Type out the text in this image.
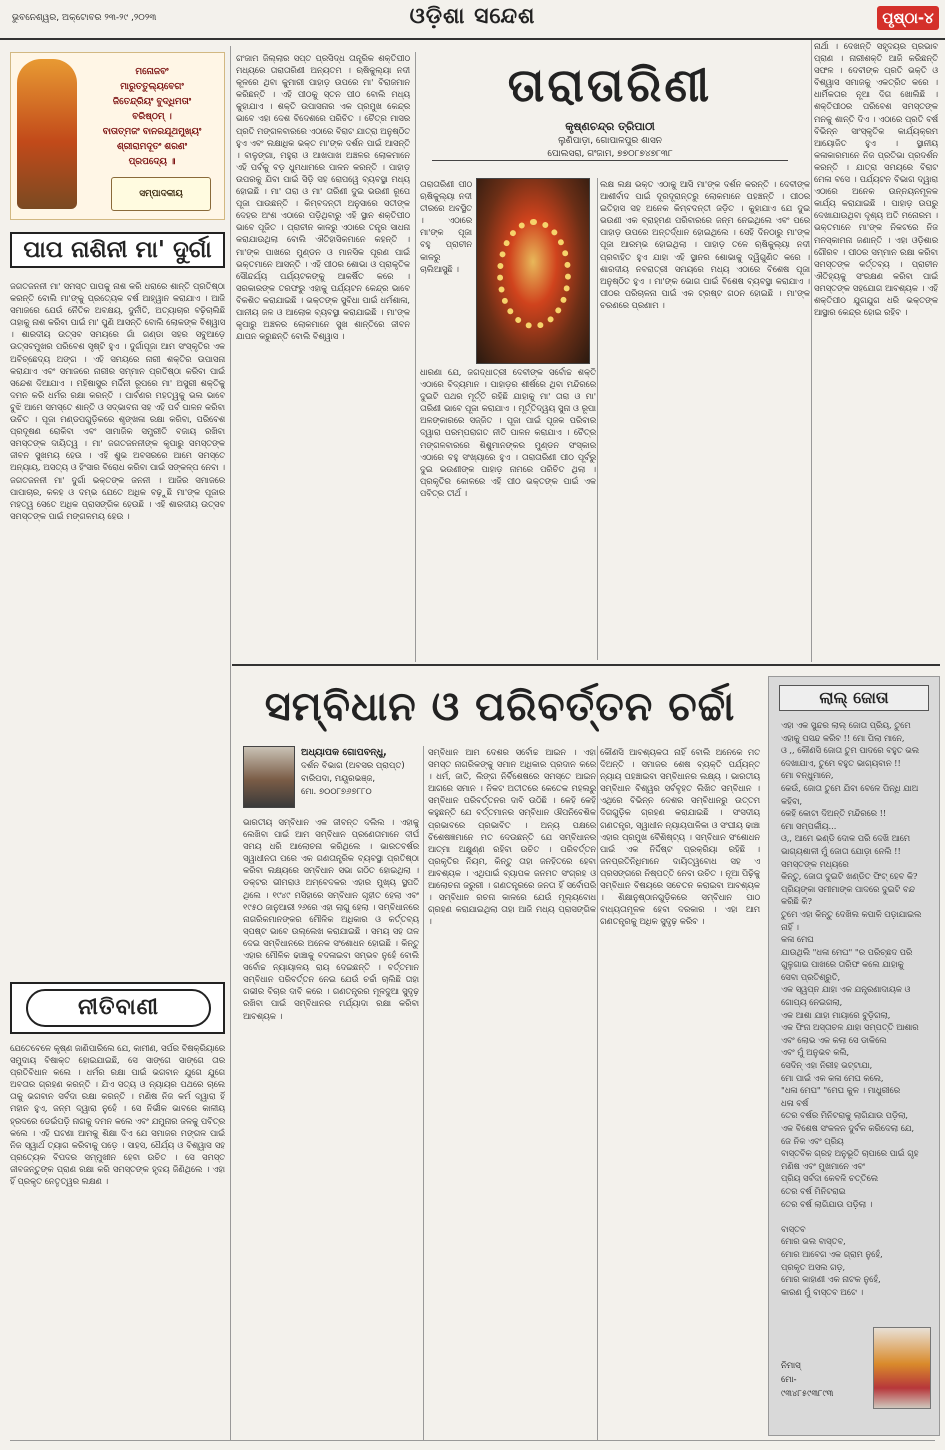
ଭୁବନେଶ୍ୱର, ଅକ୍ଟୋବର ୨୩-୨୯ ,୨୦୨୩	ଓଡ଼ିଶା ସନ୍ଦେଶ	ପୃଷ୍ଠା-୪
ମନୋଜବଂ
ମାରୁତତୁଲ୍ୟବେଗଂ
ଜିତେନ୍ଦ୍ରିୟଂ ବୁଦ୍ଧିମତାଂ
ବରିଷ୍ଠମ୍ ।
ବାତାତ୍ମଜଂ ବାନରଯୂଥମୁଖ୍ୟଂ
ଶ୍ରୀରାମଦୂତଂ ଶରଣଂ
ପ୍ରପଦ୍ୟେ ॥
ସମ୍ପାଦକୀୟ
ପାପ ନାଶିନୀ ମା' ଦୁର୍ଗା
ଜଗତଜନନୀ ମା' ସମସ୍ତ ପାପକୁ ନାଶ କରି ଧରାରେ ଶାନ୍ତି ପ୍ରତିଷ୍ଠା କରନ୍ତି ବୋଲି ମା'ଙ୍କୁ ପ୍ରତ୍ୟେକ ବର୍ଷ ଆହ୍ୱାନ କରାଯାଏ । ଆଜି ସମାଜରେ ଯେଉଁ ନୈତିକ ଅବକ୍ଷୟ, ଦୁର୍ନୀତି, ଅତ୍ୟାଚାର ବଢ଼ିଚାଲିଛି ତାହାକୁ ନାଶ କରିବା ପାଇଁ ମା' ପୁଣି ଆସନ୍ତି ବୋଲି ଲୋକଙ୍କ ବିଶ୍ୱାସ । ଶାରଦୀୟ ଉତ୍ସବ ସମୟରେ ଗାଁ ଗଣ୍ଡା ସହର ସବୁଆଡ଼େ ଉତ୍ସବମୁଖର ପରିବେଶ ସୃଷ୍ଟି ହୁଏ । ଦୁର୍ଗାପୂଜା ଆମ ସଂସ୍କୃତିର ଏକ ଅବିଚ୍ଛେଦ୍ୟ ଅଙ୍ଗ । ଏହି ସମୟରେ ନାରୀ ଶକ୍ତିର ଉପାସନା କରାଯାଏ ଏବଂ ସମାଜରେ ନାରୀର ସମ୍ମାନ ପ୍ରତିଷ୍ଠା କରିବା ପାଇଁ ସନ୍ଦେଶ ଦିଆଯାଏ । ମହିଷାସୁର ମର୍ଦ୍ଦିନୀ ରୂପରେ ମା' ଅସୁରୀ ଶକ୍ତିକୁ ଦମନ କରି ଧର୍ମର ରକ୍ଷା କରନ୍ତି । ପାର୍ବଣର ମହତ୍ୱକୁ ଭଲ ଭାବେ ବୁଝି ଆମେ ସମସ୍ତେ ଶାନ୍ତି ଓ ସଦ୍ଭାବନା ସହ ଏହି ପର୍ବ ପାଳନ କରିବା ଉଚିତ । ପୂଜା ମଣ୍ଡପଗୁଡ଼ିକରେ ଶୃଙ୍ଖଳା ରକ୍ଷା କରିବା, ପରିବେଶ ପ୍ରଦୂଷଣ ରୋକିବା ଏବଂ ସାମାଜିକ ସମ୍ପ୍ରୀତି ବଜାୟ ରଖିବା ସମସ୍ତଙ୍କ ଦାୟିତ୍ୱ । ମା' ଜଗତଜନନୀଙ୍କ କୃପାରୁ ସମସ୍ତଙ୍କ ଜୀବନ ସୁଖମୟ ହେଉ । ଏହି ଶୁଭ ଅବସରରେ ଆମେ ସମସ୍ତେ ଅନ୍ୟାୟ, ଅସତ୍ୟ ଓ ହିଂସାର ବିରୋଧ କରିବା ପାଇଁ ସଙ୍କଳ୍ପ ନେବା । ଜଗତଜନନୀ ମା' ଦୁର୍ଗା ଭକ୍ତଙ୍କ ଜନନୀ । ଆଜିର ସମାଜରେ ପାପାଚାର, କଳହ ଓ ଦମ୍ଭ ଯେତେ ଅଧିକ ବଢ଼ୁଛି ମା'ଙ୍କ ପୂଜାର ମହତ୍ୱ ସେତେ ଅଧିକ ପ୍ରାସଙ୍ଗିକ ହେଉଛି । ଏହି ଶାରଦୀୟ ଉତ୍ସବ ସମସ୍ତଙ୍କ ପାଇଁ ମଙ୍ଗଳମୟ ହେଉ ।
ନୀତିବାଣୀ
ଯେତେବେଳେ କୃଷ୍ଣ ଜାଣିପାରିଲେ ଯେ, କାମୀଣ, ସର୍ପର ବିଷକ୍ରିୟାରେ ସମୁଦାୟ ବିଷାକ୍ତ ହୋଇଯାଇଛି, ସେ ସାଙ୍ଗେ ସାଙ୍ଗେ ତାର ପ୍ରତିବିଧାନ କଲେ । ଧର୍ମର ରକ୍ଷା ପାଇଁ ଭଗବାନ ଯୁଗେ ଯୁଗେ ଅବତାର ଗ୍ରହଣ କରନ୍ତି । ଯିଏ ସତ୍ୟ ଓ ନ୍ୟାୟର ପଥରେ ଚାଲେ ତାକୁ ଭଗବାନ ସର୍ବଦା ରକ୍ଷା କରନ୍ତି । ମଣିଷ ନିଜ କର୍ମ ଦ୍ୱାରା ହିଁ ମହାନ ହୁଏ, ଜନ୍ମ ଦ୍ୱାରା ନୁହେଁ । ସେ ନିର୍ଭୀକ ଭାବରେ କାଳୀୟ ହ୍ରଦରେ ଡେଇଁପଡ଼ି ନାଗକୁ ଦମନ କଲେ ଏବଂ ଯମୁନାର ଜଳକୁ ପବିତ୍ର କଲେ । ଏହି ଘଟଣା ଆମକୁ ଶିକ୍ଷା ଦିଏ ଯେ ସମାଜର ମଙ୍ଗଳ ପାଇଁ ନିଜ ସ୍ୱାର୍ଥ ତ୍ୟାଗ କରିବାକୁ ପଡ଼େ । ସାହସ, ଧୈର୍ଯ୍ୟ ଓ ବିଶ୍ୱାସ ସହ ପ୍ରତ୍ୟେକ ବିପଦର ସମ୍ମୁଖୀନ ହେବା ଉଚିତ । ସେ ସମସ୍ତ ଜୀବଜନ୍ତୁଙ୍କ ପ୍ରାଣ ରକ୍ଷା କରି ସମସ୍ତଙ୍କ ହୃଦୟ ଜିଣିଥିଲେ । ଏହା ହିଁ ପ୍ରକୃତ ନେତୃତ୍ୱର ଲକ୍ଷଣ ।
ଗଂଜାମ ଜିଲ୍ଲାର ସପ୍ତ ପ୍ରସିଦ୍ଧ ତାନ୍ତ୍ରିକ ଶକ୍ତିପୀଠ ମଧ୍ୟରେ ତାରାତାରିଣୀ ଅନ୍ୟତମ । ଋଷିକୁଲ୍ୟା ନଦୀ କୂଳରେ ଥିବା କୁମାରୀ ପାହାଡ଼ ଉପରେ ମା' ବିରାଜମାନ କରିଛନ୍ତି । ଏହି ପୀଠକୁ ସ୍ତନ ପୀଠ ବୋଲି ମଧ୍ୟ କୁହାଯାଏ । ଶକ୍ତି ଉପାସନାର ଏକ ପ୍ରମୁଖ କେନ୍ଦ୍ର ଭାବେ ଏହା ଦେଶ ବିଦେଶରେ ପରିଚିତ । ଚୈତ୍ର ମାସର ପ୍ରତି ମଙ୍ଗଳବାରରେ ଏଠାରେ ବିରାଟ ଯାତ୍ରା ଅନୁଷ୍ଠିତ ହୁଏ ଏବଂ ଲକ୍ଷାଧିକ ଭକ୍ତ ମା'ଙ୍କ ଦର୍ଶନ ପାଇଁ ଆସନ୍ତି । ବାଳୁଙ୍ଗା, ମହୁରା ଓ ଆଖପାଖ ଅଞ୍ଚଳର ଲୋକମାନେ ଏହି ପର୍ବକୁ ବଡ଼ ଧୁମଧାମରେ ପାଳନ କରନ୍ତି । ପାହାଡ଼ ଉପରକୁ ଯିବା ପାଇଁ ସିଡ଼ି ସହ ରୋପୱେ ବ୍ୟବସ୍ଥା ମଧ୍ୟ ହୋଇଛି । ମା' ତାରା ଓ ମା' ତାରିଣୀ ଦୁଇ ଭଉଣୀ ରୂପେ ପୂଜା ପାଉଛନ୍ତି । କିମ୍ବଦନ୍ତୀ ଅନୁସାରେ ସତୀଙ୍କ ଦେହର ଅଂଶ ଏଠାରେ ପଡ଼ିଥିବାରୁ ଏହି ସ୍ଥାନ ଶକ୍ତିପୀଠ ଭାବେ ପୂଜିତ । ପ୍ରାଚୀନ କାଳରୁ ଏଠାରେ ତନ୍ତ୍ର ସାଧନା କରାଯାଉଥିଲା ବୋଲି ଐତିହାସିକମାନେ କହନ୍ତି । ମା'ଙ୍କ ପାଖରେ ମୁଣ୍ଡନ ଓ ମାନସିକ ପୂରଣ ପାଇଁ ଭକ୍ତମାନେ ଆସନ୍ତି । ଏହି ପୀଠର ଶୋଭା ଓ ପ୍ରାକୃତିକ ସୌନ୍ଦର୍ଯ୍ୟ ପର୍ଯ୍ୟଟକଙ୍କୁ ଆକର୍ଷିତ କରେ । ସରକାରଙ୍କ ତରଫରୁ ଏହାକୁ ପର୍ଯ୍ୟଟନ କେନ୍ଦ୍ର ଭାବେ ବିକଶିତ କରାଯାଇଛି । ଭକ୍ତଙ୍କ ସୁବିଧା ପାଇଁ ଧର୍ମଶାଳା, ପାନୀୟ ଜଳ ଓ ଆଲୋକ ବ୍ୟବସ୍ଥା କରାଯାଇଛି । ମା'ଙ୍କ କୃପାରୁ ଅଞ୍ଚଳର ଲୋକମାନେ ସୁଖ ଶାନ୍ତିରେ ଜୀବନ ଯାପନ କରୁଛନ୍ତି ବୋଲି ବିଶ୍ୱାସ ।
ତାରାତାରିଣୀ
କୃଷ୍ଣଚନ୍ଦ୍ର ତ୍ରିପାଠୀ
ଲୁଣିପାଡ଼ା, ଗୋପାଳପୁର ଶାସନ
ପୋଲସରା, ଗଂଜାମ, ୭୭୦୮୭୪୭୮୩୮
ତାରାତାରିଣୀ ପୀଠ ଋଷିକୁଲ୍ୟା ନଦୀ ତୀରରେ ଅବସ୍ଥିତ । ଏଠାରେ ମା'ଙ୍କ ପୂଜା ବହୁ ପ୍ରାଚୀନ କାଳରୁ ଚାଲିଆସୁଛି ।
ଧାରଣା ଯେ, ଜଗଦ୍ଧାତ୍ରୀ ଦେବୀଙ୍କ ସର୍ବୋଚ୍ଚ ଶକ୍ତି ଏଠାରେ ବିଦ୍ୟମାନ । ପାହାଡ଼ର ଶୀର୍ଷରେ ଥିବା ମନ୍ଦିରରେ ଦୁଇଟି ପଥର ମୂର୍ତ୍ତି ରହିଛି ଯାହାକୁ ମା' ତାରା ଓ ମା' ତାରିଣୀ ଭାବେ ପୂଜା କରାଯାଏ । ମୂର୍ତ୍ତିଦ୍ୱୟ ସୁନା ଓ ରୂପା ଅଳଙ୍କାରରେ ସଜ୍ଜିତ । ପୂଜା ପାଇଁ ପୂଜକ ପରିବାର ଦ୍ୱାରା ପରମ୍ପରାଗତ ନୀତି ପାଳନ କରାଯାଏ । ଚୈତ୍ର ମଙ୍ଗଳବାରରେ ଶିଶୁମାନଙ୍କର ମୁଣ୍ଡନ ସଂସ୍କାର ଏଠାରେ ବହୁ ସଂଖ୍ୟାରେ ହୁଏ । ତାରାତାରିଣୀ ପୀଠ ପୂର୍ବରୁ ଦୁଇ ଭଉଣୀଙ୍କ ପାହାଡ଼ ନାମରେ ପରିଚିତ ଥିଲା । ପ୍ରକୃତିର କୋଳରେ ଏହି ପୀଠ ଭକ୍ତଙ୍କ ପାଇଁ ଏକ ପବିତ୍ର ତୀର୍ଥ ।
ଲକ୍ଷ ଲକ୍ଷ ଭକ୍ତ ଏଠାକୁ ଆସି ମା'ଙ୍କ ଦର୍ଶନ କରନ୍ତି । ଦେବୀଙ୍କ ଆଶୀର୍ବାଦ ପାଇଁ ଦୂରଦୂରାନ୍ତରୁ ଲୋକମାନେ ପହଞ୍ଚନ୍ତି । ପୀଠର ଇତିହାସ ସହ ଅନେକ କିମ୍ବଦନ୍ତୀ ଜଡ଼ିତ । କୁହାଯାଏ ଯେ ଦୁଇ ଭଉଣୀ ଏକ ବ୍ରାହ୍ମଣ ପରିବାରରେ ଜନ୍ମ ନେଇଥିଲେ ଏବଂ ପରେ ପାହାଡ଼ ଉପରେ ଅନ୍ତର୍ଦ୍ଧାନ ହୋଇଥିଲେ । ସେହି ଦିନଠାରୁ ମା'ଙ୍କ ପୂଜା ଆରମ୍ଭ ହୋଇଥିଲା । ପାହାଡ଼ ତଳେ ଋଷିକୁଲ୍ୟା ନଦୀ ପ୍ରବାହିତ ହୁଏ ଯାହା ଏହି ସ୍ଥାନର ଶୋଭାକୁ ଦ୍ୱିଗୁଣିତ କରେ । ଶାରଦୀୟ ନବରାତ୍ରୀ ସମୟରେ ମଧ୍ୟ ଏଠାରେ ବିଶେଷ ପୂଜା ଅନୁଷ୍ଠିତ ହୁଏ । ମା'ଙ୍କ ଭୋଗ ପାଇଁ ବିଶେଷ ବ୍ୟବସ୍ଥା କରାଯାଏ । ପୀଠର ପରିଚାଳନା ପାଇଁ ଏକ ଟ୍ରଷ୍ଟ ଗଠନ ହୋଇଛି । ମା'ଙ୍କ ଚରଣରେ ପ୍ରଣାମ ।
ନାର୍ଥା । ଦେଖନ୍ତି ସହୃଦୟର ପ୍ରଭାବ ପ୍ରାଣ । ନାରୀଶକ୍ତି ଆଜି କରିଛନ୍ତି ସଫଳ । ଦେବୀଙ୍କ ପ୍ରତି ଭକ୍ତି ଓ ବିଶ୍ୱାସ ସମାଜକୁ ଏକତ୍ରିତ କରେ । ଧାର୍ମିକତାର ନୂଆ ଦିଗ ଖୋଲିଛି । ଶକ୍ତିପୀଠର ପରିବେଶ ସମସ୍ତଙ୍କ ମନକୁ ଶାନ୍ତି ଦିଏ । ଏଠାରେ ପ୍ରତି ବର୍ଷ ବିଭିନ୍ନ ସାଂସ୍କୃତିକ କାର୍ଯ୍ୟକ୍ରମ ଆୟୋଜିତ ହୁଏ । ସ୍ଥାନୀୟ କଳାକାରମାନେ ନିଜ ପ୍ରତିଭା ପ୍ରଦର୍ଶନ କରନ୍ତି । ଯାତ୍ରା ସମୟରେ ବିରାଟ ମେଳା ବସେ । ପର୍ଯ୍ୟଟନ ବିଭାଗ ଦ୍ୱାରା ଏଠାରେ ଅନେକ ଉନ୍ନୟନମୂଳକ କାର୍ଯ୍ୟ କରାଯାଇଛି । ପାହାଡ଼ ଉପରୁ ଦେଖାଯାଉଥିବା ଦୃଶ୍ୟ ଅତି ମନୋରମ । ଭକ୍ତମାନେ ମା'ଙ୍କ ନିକଟରେ ନିଜ ମନସ୍କାମନା ଜଣାନ୍ତି । ଏହା ଓଡ଼ିଶାର ଗୌରବ । ପୀଠର ସମ୍ମାନ ରକ୍ଷା କରିବା ସମସ୍ତଙ୍କ କର୍ତ୍ତବ୍ୟ । ପ୍ରାଚୀନ ଐତିହ୍ୟକୁ ସଂରକ୍ଷଣ କରିବା ପାଇଁ ସମସ୍ତଙ୍କ ସହଯୋଗ ଆବଶ୍ୟକ । ଏହି ଶକ୍ତିପୀଠ ଯୁଗଯୁଗ ଧରି ଭକ୍ତଙ୍କ ଆସ୍ଥାର କେନ୍ଦ୍ର ହୋଇ ରହିବ ।
ସମ୍ବିଧାନ ଓ ପରିବର୍ତ୍ତନ ଚର୍ଚ୍ଚା
ଅଧ୍ୟାପକ ଗୋପବନ୍ଧୁ,
ଦର୍ଶନ ବିଭାଗ (ଅବସର ପ୍ରାପ୍ତ)
ବାରିପଦା, ମୟୂରଭଞ୍ଜ,
ମୋ. ୭୦୦୮୭୬୭୮୮୦
ଭାରତୀୟ ସମ୍ବିଧାନ ଏକ ଜୀବନ୍ତ ଦଲିଲ । ଏହାକୁ ଲେଖିବା ପାଇଁ ଆମ ସମ୍ବିଧାନ ପ୍ରଣେତାମାନେ ଦୀର୍ଘ ସମୟ ଧରି ଆଲୋଚନା କରିଥିଲେ । ଭାରତବର୍ଷର ସ୍ୱାଧୀନତା ପରେ ଏକ ଗଣତାନ୍ତ୍ରିକ ବ୍ୟବସ୍ଥା ପ୍ରତିଷ୍ଠା କରିବା ଲକ୍ଷ୍ୟରେ ସମ୍ବିଧାନ ସଭା ଗଠିତ ହୋଇଥିଲା । ଡକ୍ଟର ଭୀମରାଓ ଅମ୍ବେଦକର ଏହାର ମୁଖ୍ୟ ସ୍ଥପତି ଥିଲେ । ୧୯୪୯ ମସିହାରେ ସମ୍ବିଧାନ ଗୃହୀତ ହେଲା ଏବଂ ୧୯୫୦ ଜାନୁଆରୀ ୨୬ରେ ଏହା ଲାଗୁ ହେଲା । ସମ୍ବିଧାନରେ ନାଗରିକମାନଙ୍କର ମୌଳିକ ଅଧିକାର ଓ କର୍ତ୍ତବ୍ୟ ସ୍ପଷ୍ଟ ଭାବେ ଉଲ୍ଲେଖ କରାଯାଇଛି । ସମୟ ସହ ତାଳ ଦେଇ ସମ୍ବିଧାନରେ ଅନେକ ସଂଶୋଧନ ହୋଇଛି । କିନ୍ତୁ ଏହାର ମୌଳିକ ଢାଞ୍ଚାକୁ ବଦଳାଇବା ସମ୍ଭବ ନୁହେଁ ବୋଲି ସର୍ବୋଚ୍ଚ ନ୍ୟାୟାଳୟ ରାୟ ଦେଇଛନ୍ତି । ବର୍ତ୍ତମାନ ସମ୍ବିଧାନ ପରିବର୍ତ୍ତନ ନେଇ ଯେଉଁ ଚର୍ଚ୍ଚା ଚାଲିଛି ତାହା ଗଭୀର ବିଚାର ଦାବି କରେ । ଗଣତନ୍ତ୍ରର ମୂଳଦୁଆ ସୁଦୃଢ଼ ରଖିବା ପାଇଁ ସମ୍ବିଧାନର ମର୍ଯ୍ୟାଦା ରକ୍ଷା କରିବା ଆବଶ୍ୟକ ।
ସମ୍ବିଧାନ ଆମ ଦେଶର ସର୍ବୋଚ୍ଚ ଆଇନ । ଏହା ସମସ୍ତ ନାଗରିକଙ୍କୁ ସମାନ ଅଧିକାର ପ୍ରଦାନ କରେ । ଧର୍ମ, ଜାତି, ଲିଙ୍ଗ ନିର୍ବିଶେଷରେ ସମସ୍ତେ ଆଇନ ଆଗରେ ସମାନ । ନିକଟ ଅତୀତରେ କେତେକ ମହଲରୁ ସମ୍ବିଧାନ ପରିବର୍ତ୍ତନର ଦାବି ଉଠିଛି । କେହି କେହି କହୁଛନ୍ତି ଯେ ବର୍ତ୍ତମାନର ସମ୍ବିଧାନ ଔପନିବେଶିକ ପ୍ରଭାବରେ ପ୍ରଭାବିତ । ଅନ୍ୟ ପକ୍ଷରେ ବିଶେଷଜ୍ଞମାନେ ମତ ଦେଉଛନ୍ତି ଯେ ସମ୍ବିଧାନର ଆତ୍ମା ଅକ୍ଷୁଣ୍ଣ ରହିବା ଉଚିତ । ପରିବର୍ତ୍ତନ ପ୍ରକୃତିର ନିୟମ, କିନ୍ତୁ ତାହା ଜନହିତରେ ହେବା ଆବଶ୍ୟକ । ଏଥିପାଇଁ ବ୍ୟାପକ ଜନମତ ସଂଗ୍ରହ ଓ ଆଲୋଚନା ଜରୁରୀ । ଗଣତନ୍ତ୍ରରେ ଜନତା ହିଁ ସର୍ବୋପରି । ସମ୍ବିଧାନ ରଚନା କାଳରେ ଯେଉଁ ମୂଲ୍ୟବୋଧ ଗ୍ରହଣ କରାଯାଇଥିଲା ତାହା ଆଜି ମଧ୍ୟ ପ୍ରାସଙ୍ଗିକ ।
କୌଣସି ଆବଶ୍ୟକତା ନାହିଁ ବୋଲି ଅନେକେ ମତ ଦିଅନ୍ତି । ସମାଜର ଶେଷ ବ୍ୟକ୍ତି ପର୍ଯ୍ୟନ୍ତ ନ୍ୟାୟ ପହଞ୍ଚାଇବା ସମ୍ବିଧାନର ଲକ୍ଷ୍ୟ । ଭାରତୀୟ ସମ୍ବିଧାନ ବିଶ୍ୱର ସର୍ବବୃହତ ଲିଖିତ ସମ୍ବିଧାନ । ଏଥିରେ ବିଭିନ୍ନ ଦେଶର ସମ୍ବିଧାନରୁ ଉତ୍ତମ ଦିଗଗୁଡ଼ିକ ଗ୍ରହଣ କରାଯାଇଛି । ସଂସଦୀୟ ଗଣତନ୍ତ୍ର, ସ୍ୱାଧୀନ ନ୍ୟାୟପାଳିକା ଓ ସଂଘୀୟ ଢାଞ୍ଚା ଏହାର ପ୍ରମୁଖ ବୈଶିଷ୍ଟ୍ୟ । ସମ୍ବିଧାନ ସଂଶୋଧନ ପାଇଁ ଏକ ନିର୍ଦ୍ଦିଷ୍ଟ ପ୍ରକ୍ରିୟା ରହିଛି । ଜନପ୍ରତିନିଧିମାନେ ଦାୟିତ୍ୱବୋଧ ସହ ଏ ପ୍ରସଙ୍ଗରେ ନିଷ୍ପତ୍ତି ନେବା ଉଚିତ । ନୂଆ ପିଢ଼ିକୁ ସମ୍ବିଧାନ ବିଷୟରେ ସଚେତନ କରାଇବା ଆବଶ୍ୟକ । ଶିକ୍ଷାନୁଷ୍ଠାନଗୁଡ଼ିକରେ ସମ୍ବିଧାନ ପାଠ ବାଧ୍ୟତାମୂଳକ ହେବା ଦରକାର । ଏହା ଆମ ଗଣତନ୍ତ୍ରକୁ ଅଧିକ ସୁଦୃଢ଼ କରିବ ।
ଲାଲ୍ ଜୋତା
ଏହା ଏକ ସୁନ୍ଦର ଲାଲ୍ ଜୋତା ପ୍ରିୟ, ତୁମେ ଏହାକୁ ପସନ୍ଦ କରିବ !! ମୋ ପିଲା ମାନେ,
ଓ ,, କୌଣସି ଜୋତା ତୁମ ପାଦରେ ବହୁତ ଭଲ ଦେଖାଯାଏ, ତୁମେ ବହୁତ ଭାଗ୍ୟବାନ !!
ମୋ ବନ୍ଧୁମାନେ,
କେଉଁ, ଜୋତା ତୁମେ ଯିବା ବେଳେ ପିନ୍ଧି ଯାଅ କହିବା,
କେହି କୋଟା ଦିଅନ୍ତି ମନ୍ଦିରରେ !!
ମୋ ସମ୍ପର୍କୀୟ...
ଓ,, ଆମେ ଭଣ୍ଡି ଦୋକ ପରି ଦେଖି ଆମେ
ଭାଗ୍ୟଶାଳୀ ମୁଁ ଜୋତା ଯୋଡ଼ା ନେଲି !! ସମସ୍ତଙ୍କ ମଧ୍ୟରେ
କିନ୍ତୁ, ଜୋତା ଦୁଇଟି ଖଣ୍ଡିତ ଫିଟ୍ ହେବ କି?
ପ୍ରିୟଙ୍କା ସମୀମାଙ୍କ ପାଦରେ ଦୁଇଟି ବନ୍ଦ କରିଛି କି?
ତୁମେ ଏହା କିନ୍ତୁ ଦେଖିଲ କପାଳି ପଡ଼ାଯାଇଲ ନାହିଁ ।
କଳା ମେଘ
ଯାଉଥିଲି "ଧଳା ମେଘ" "ର ପରିଚ୍ଛଦ ପରି ଗୁଳୁଗାଇ ପାଖରେ ତାରିଫ କଲେ ଯାହାକୁ
ସେବା ପ୍ରତିଶ୍ରୁତି,
ଏକ ସ୍ୱପ୍ନ ଯାହା ଏକ ଯନ୍ତ୍ରଣାଦାୟକ ଓ
ଗୋପ୍ୟ ନେଇଗଲା,
ଏକ ଆଶା ଯାହା ମାୟାରେ ବୁଡ଼ିଗଲା,
ଏକ ଫିନା ଅସ୍ତାଚଳ ଯାହା ସମ୍ପତ୍ତି ଆଶାର ଏବଂ ଲୋଭ ଏକ କଲା ସେ ଡାକିଲେ
ଏବଂ ମୁଁ ଅନୁଭବ କଲି,
ସେଦିନ୍ ଏହା ନିରୀହ ଭଟ୍ଟାଯା,
ମୋ ପାଇଁ ଏକ କଳା ମେଘ କଲେ,
"ଧଳା ମେଘ" "ମେଘ କୁଳ । ମାଧୁରୀରେ
ଧଳା ବର୍ଷ
ତେର ବର୍ଷର ମିନିଟରାକୁ ଲାଗିଯାଉ ପଡ଼ିଲା,
ଏକ ବିଶେଷ ସଂକଳନ ଦୁର୍ବଳ କରିଦେଲା ଯେ,
ଜେ ନିକ ଏବଂ ପ୍ରିୟ
ବାସ୍ତବିକ ଗ୍ରହ ଅନୁଭୂତି ଚାପାରେ ପାଇଁ ଗୃହ
ମଣିଷ ଏବଂ ମୁଖମାନେ ଏବଂ
ପ୍ରିୟ ସର୍ବଦା କେବଳି ଚତ୍ତିଲେ
ତେର ବର୍ଷ ମିନିଟରାଇ
ତେର ବର୍ଷ ଲାଗିଯାଉ ପଡ଼ିଲା ।

ବାସ୍ତବ
ମୋର ଭଲ ବାସ୍ତବ,
ମୋର ଆବେଗ ଏକ ଗ୍ରାମ ନୁହେଁ,
ପ୍ରକୃତ ଅସଲ ଗଡ଼,
ମୋର କାହାଣୀ ଏକ ନାଟକ ନୁହେଁ,
କାରଣ ମୁଁ ବାସ୍ତବ ଅଟେ ।
ନିମାସ୍
ମୋ-
୯୩୪୮୫୯୩୮୯୩
